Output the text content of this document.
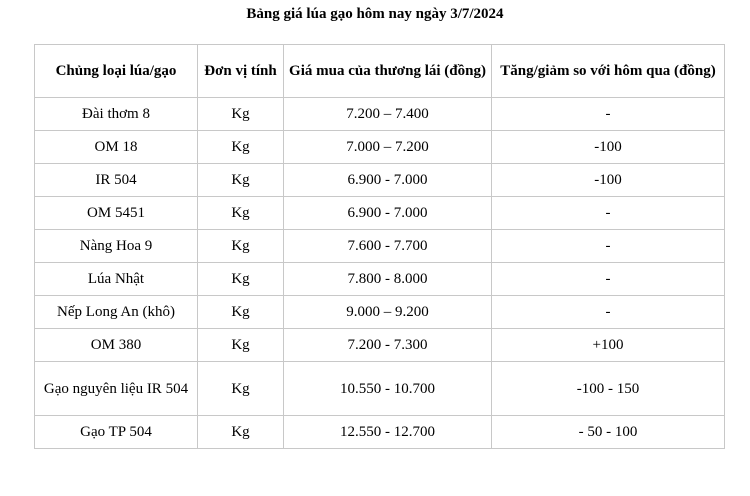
Bảng giá lúa gạo hôm nay ngày 3/7/2024
Chủng loại lúa/gạo	Đơn vị tính	Giá mua của thương lái (đồng)	Tăng/giảm so với hôm qua (đồng)
Đài thơm 8	Kg	7.200 – 7.400	-
OM 18	Kg	7.000 – 7.200	-100
IR 504	Kg	6.900 - 7.000	-100
OM 5451	Kg	6.900 - 7.000	-
Nàng Hoa 9	Kg	7.600 - 7.700	-
Lúa Nhật	Kg	7.800 - 8.000	-
Nếp Long An (khô)	Kg	9.000 – 9.200	-
OM 380	Kg	7.200 - 7.300	+100
Gạo nguyên liệu IR 504	Kg	10.550 - 10.700	-100 - 150
Gạo TP 504	Kg	12.550 - 12.700	- 50 - 100
